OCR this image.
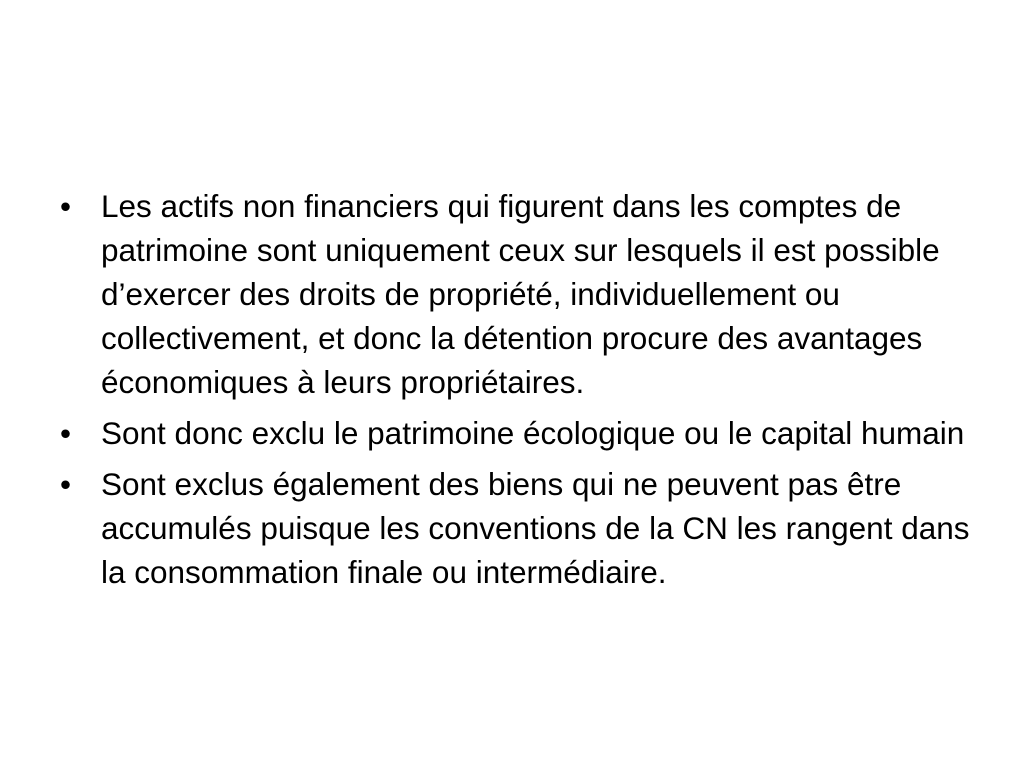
• Les actifs non financiers qui figurent dans les comptes de patrimoine sont uniquement ceux sur lesquels il est possible d’exercer des droits de propriété, individuellement ou collectivement, et donc la détention procure des avantages économiques à leurs propriétaires.
• Sont donc exclu le patrimoine écologique ou le capital humain
• Sont exclus également des biens qui ne peuvent pas être accumulés puisque les conventions de la CN les rangent dans la consommation finale ou intermédiaire.
